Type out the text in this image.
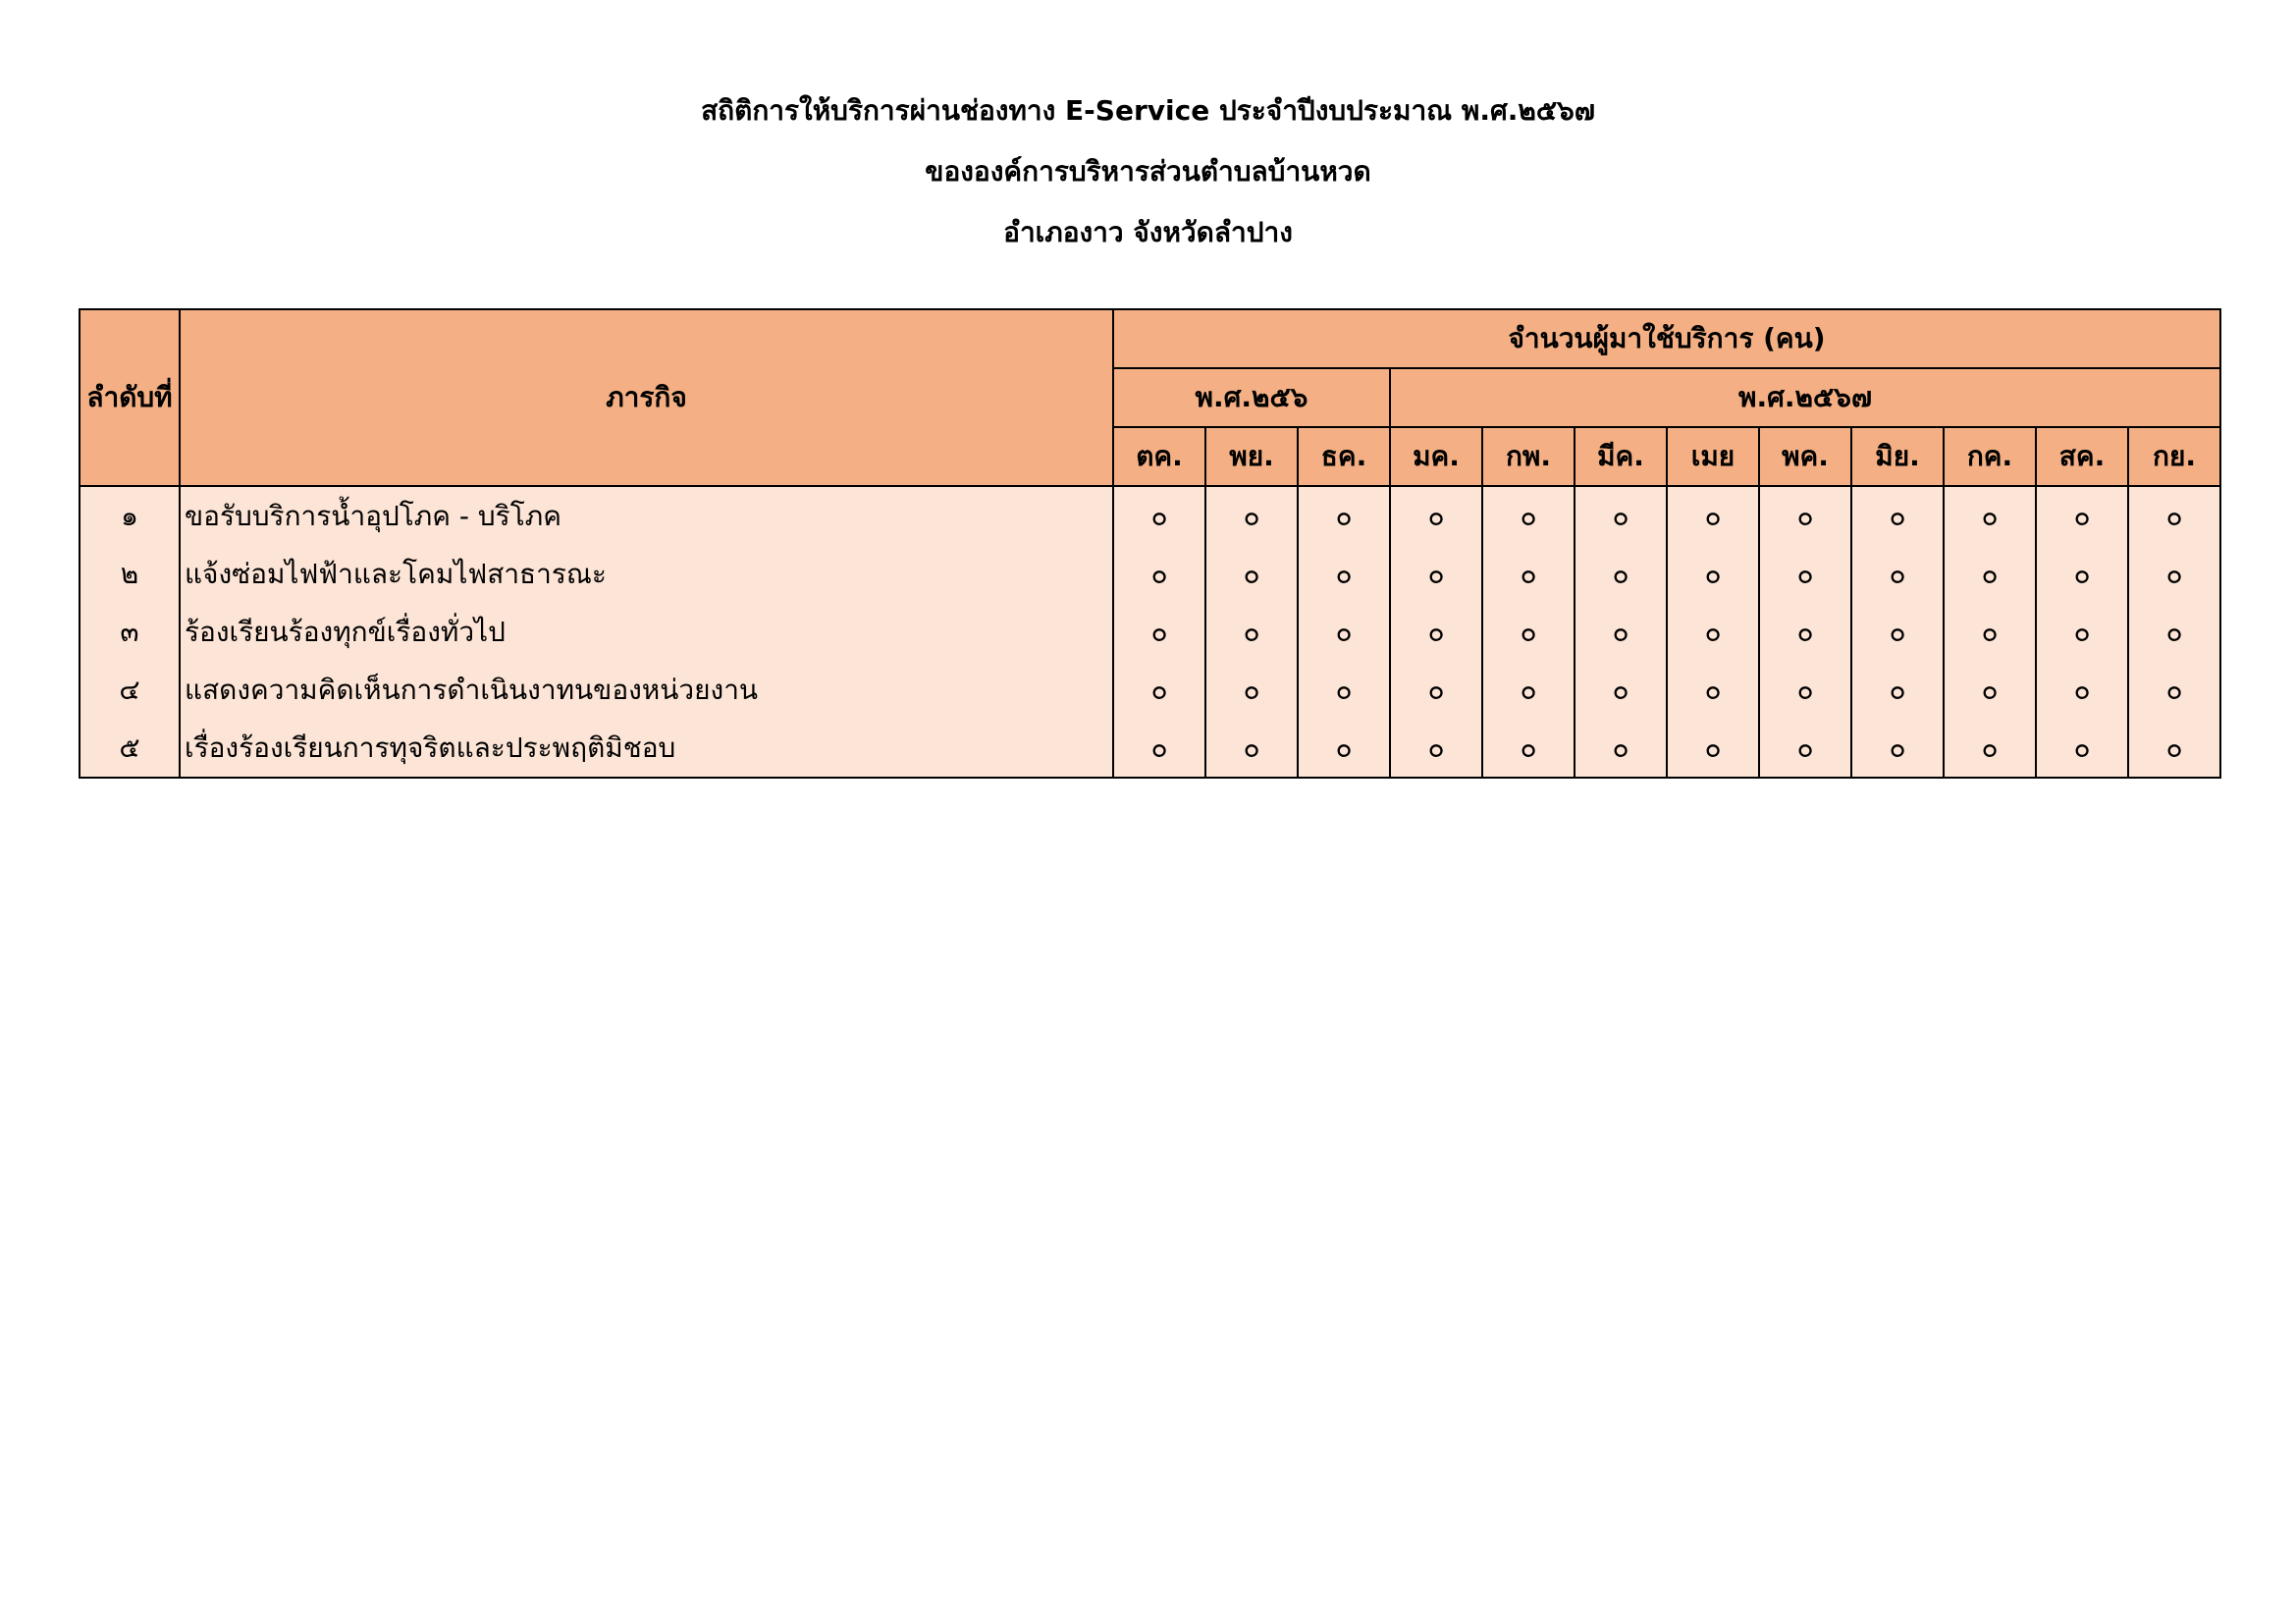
สถิติการให้บริการผ่านช่องทาง E-Service ประจำปีงบประมาณ พ.ศ.๒๕๖๗
ขององค์การบริหารส่วนตำบลบ้านหวด
อำเภองาว จังหวัดลำปาง
ลำดับที่	ภารกิจ	จำนวนผู้มาใช้บริการ (คน)											
		พ.ศ.๒๕๖			พ.ศ.๒๕๖๗								
		ตค.	พย.	ธค.	มค.	กพ.	มีค.	เมย	พค.	มิย.	กค.	สค.	กย.
๑	ขอรับบริการน้ำอุปโภค - บริโภค	๐	๐	๐	๐	๐	๐	๐	๐	๐	๐	๐	๐
๒	แจ้งซ่อมไฟฟ้าและโคมไฟสาธารณะ	๐	๐	๐	๐	๐	๐	๐	๐	๐	๐	๐	๐
๓	ร้องเรียนร้องทุกข์เรื่องทั่วไป	๐	๐	๐	๐	๐	๐	๐	๐	๐	๐	๐	๐
๔	แสดงความคิดเห็นการดำเนินงาทนของหน่วยงาน	๐	๐	๐	๐	๐	๐	๐	๐	๐	๐	๐	๐
๕	เรื่องร้องเรียนการทุจริตและประพฤติมิชอบ	๐	๐	๐	๐	๐	๐	๐	๐	๐	๐	๐	๐
